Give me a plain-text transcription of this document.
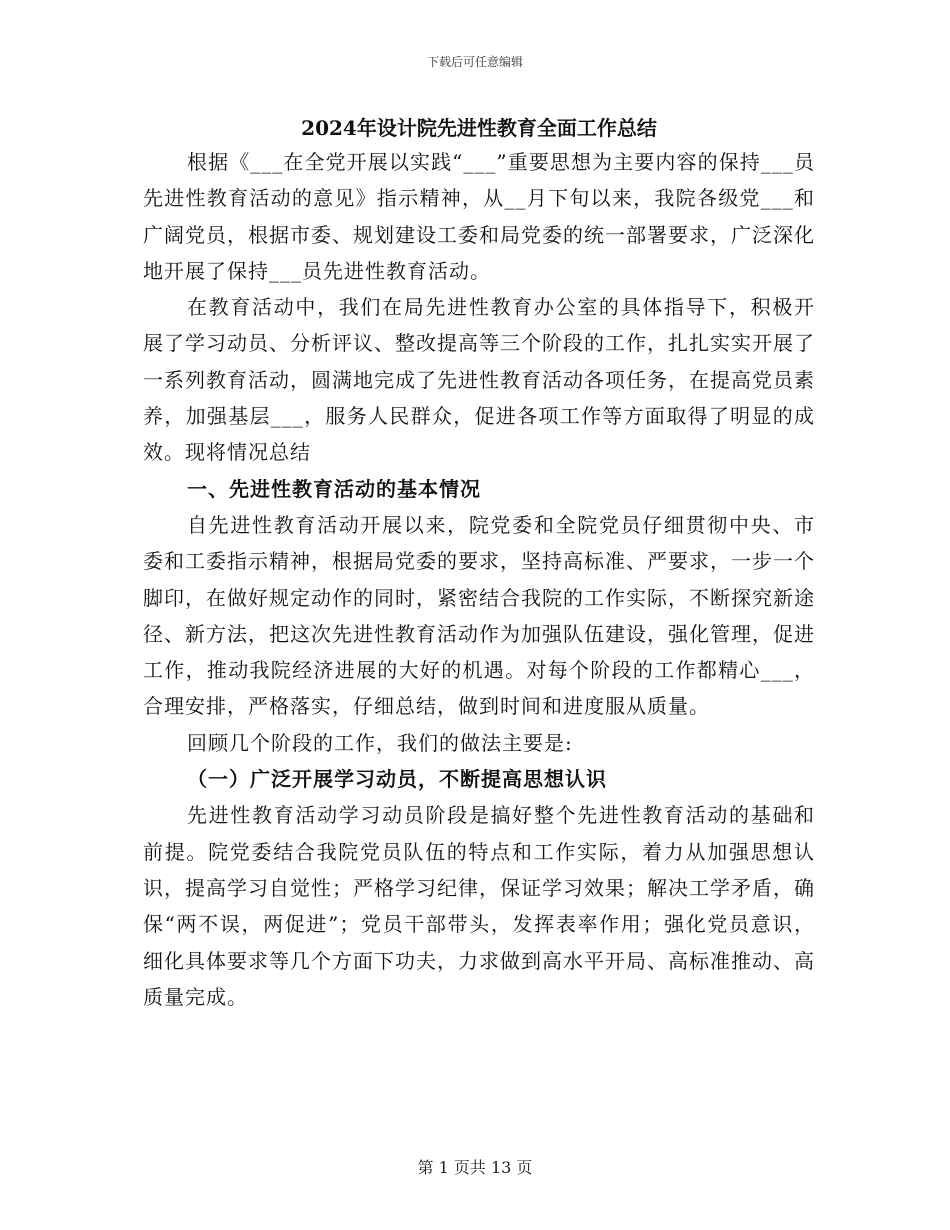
下载后可任意编辑
2024年设计院先进性教育全面工作总结

根据《___在全党开展以实践“___”重要思想为主要内容的保持___员先进性教育活动的意见》指示精神，从__月下旬以来，我院各级党___和广阔党员，根据市委、规划建设工委和局党委的统一部署要求，广泛深化地开展了保持___员先进性教育活动。

在教育活动中，我们在局先进性教育办公室的具体指导下，积极开展了学习动员、分析评议、整改提高等三个阶段的工作，扎扎实实开展了一系列教育活动，圆满地完成了先进性教育活动各项任务，在提高党员素养，加强基层___，服务人民群众，促进各项工作等方面取得了明显的成效。现将情况总结

一、先进性教育活动的基本情况

自先进性教育活动开展以来，院党委和全院党员仔细贯彻中央、市委和工委指示精神，根据局党委的要求，坚持高标准、严要求，一步一个脚印，在做好规定动作的同时，紧密结合我院的工作实际，不断探究新途径、新方法，把这次先进性教育活动作为加强队伍建设，强化管理，促进工作，推动我院经济进展的大好的机遇。对每个阶段的工作都精心___，合理安排，严格落实，仔细总结，做到时间和进度服从质量。

回顾几个阶段的工作，我们的做法主要是:

（一）广泛开展学习动员，不断提高思想认识

先进性教育活动学习动员阶段是搞好整个先进性教育活动的基础和前提。院党委结合我院党员队伍的特点和工作实际，着力从加强思想认识，提高学习自觉性；严格学习纪律，保证学习效果；解决工学矛盾，确保“两不误，两促进”；党员干部带头，发挥表率作用；强化党员意识，细化具体要求等几个方面下功夫，力求做到高水平开局、高标准推动、高质量完成。

第 1 页共 13 页
